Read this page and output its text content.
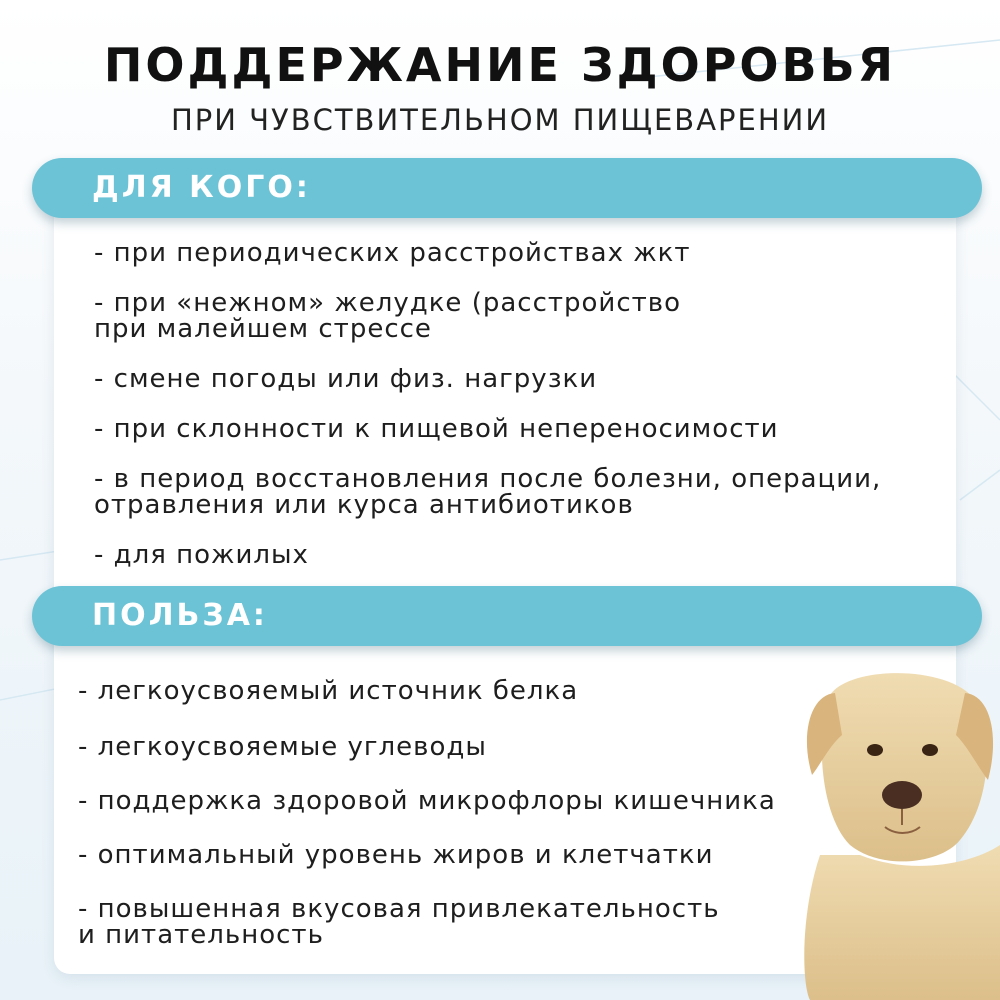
ПОДДЕРЖАНИЕ ЗДОРОВЬЯ
ПРИ ЧУВСТВИТЕЛЬНОМ ПИЩЕВАРЕНИИ
ДЛЯ КОГО:
- при периодических расстройствах жкт
- при «нежном» желудке (расстройство
при малейшем стрессе
- смене погоды или физ. нагрузки
- при склонности к пищевой непереносимости
- в период восстановления после болезни, операции,
отравления или курса антибиотиков
- для пожилых
ПОЛЬЗА:
- легкоусвояемый источник белка
- легкоусвояемые углеводы
- поддержка здоровой микрофлоры кишечника
- оптимальный уровень жиров и клетчатки
- повышенная вкусовая привлекательность
и питательность
